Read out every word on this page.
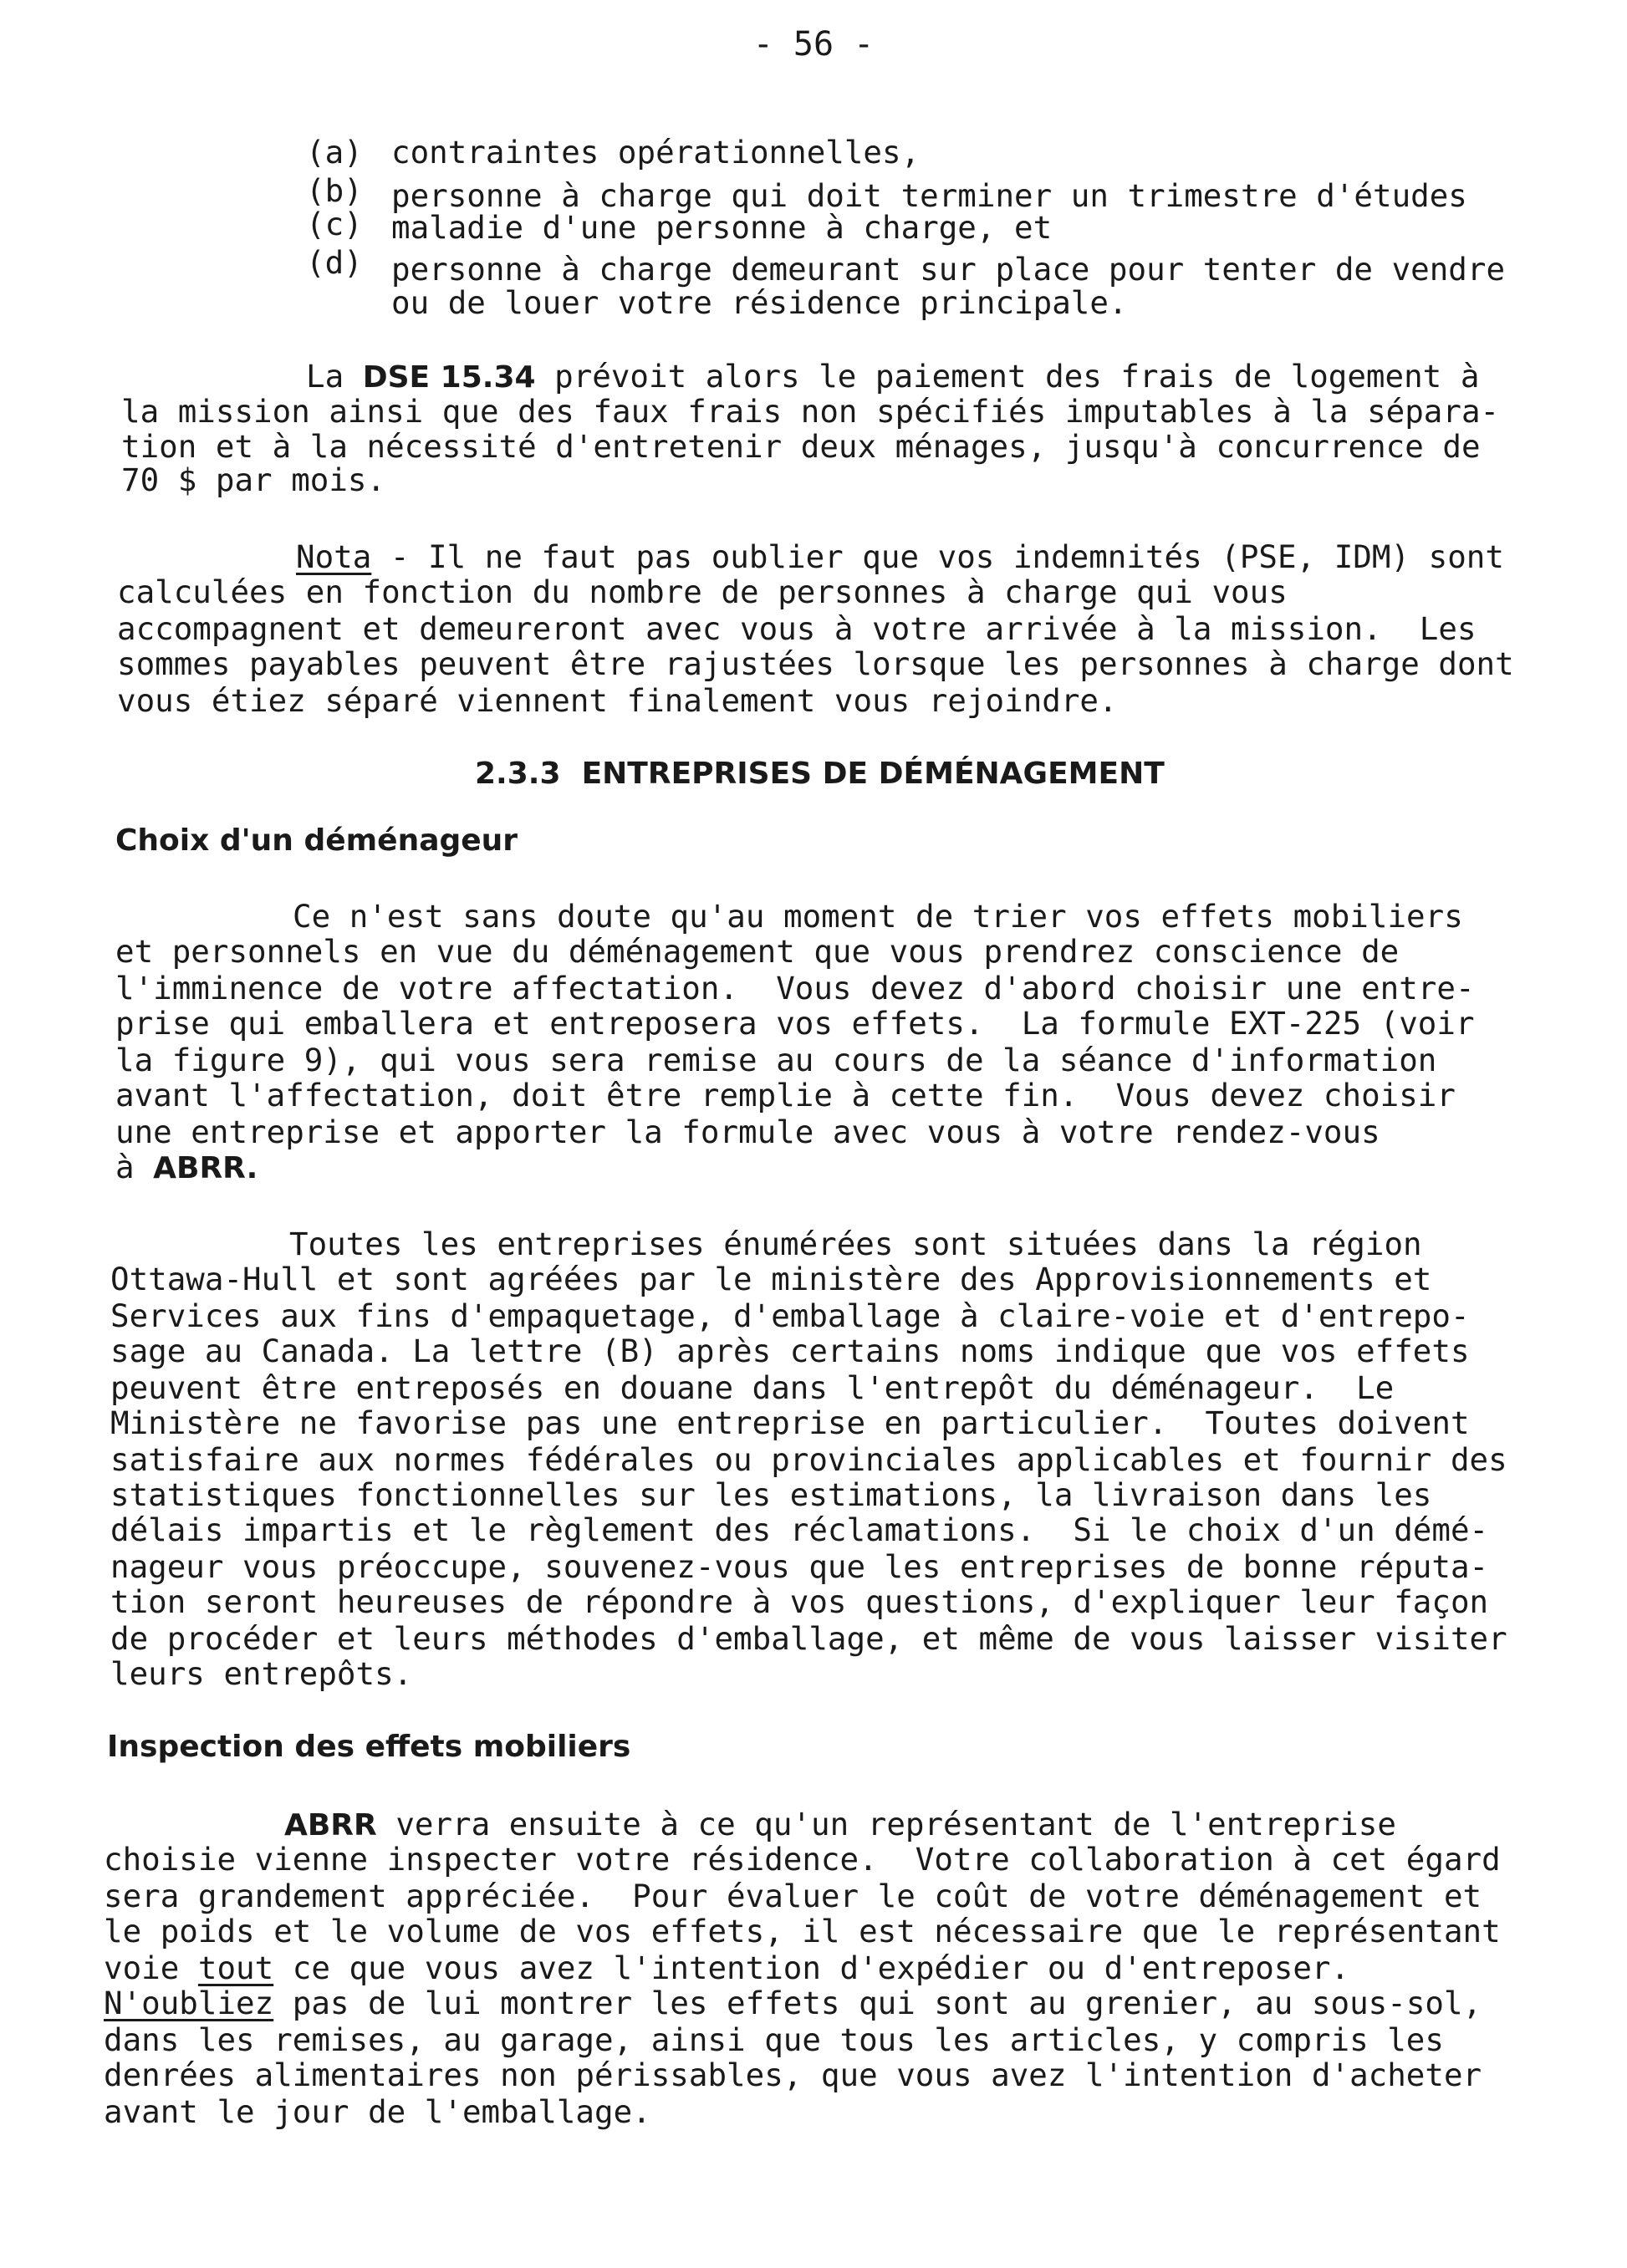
- 56 -
(a) contraintes opérationnelles,
(b) personne à charge qui doit terminer un trimestre d'études
(c) maladie d'une personne à charge, et
(d) personne à charge demeurant sur place pour tenter de vendre
ou de louer votre résidence principale.
La DSE 15.34 prévoit alors le paiement des frais de logement à
la mission ainsi que des faux frais non spécifiés imputables à la sépara-
tion et à la nécessité d'entretenir deux ménages, jusqu'à concurrence de
70 $ par mois.
Nota - Il ne faut pas oublier que vos indemnités (PSE, IDM) sont
calculées en fonction du nombre de personnes à charge qui vous
accompagnent et demeureront avec vous à votre arrivée à la mission.  Les
sommes payables peuvent être rajustées lorsque les personnes à charge dont
vous étiez séparé viennent finalement vous rejoindre.
2.3.3  ENTREPRISES DE DÉMÉNAGEMENT
Choix d'un déménageur
Ce n'est sans doute qu'au moment de trier vos effets mobiliers
et personnels en vue du déménagement que vous prendrez conscience de
l'imminence de votre affectation.  Vous devez d'abord choisir une entre-
prise qui emballera et entreposera vos effets.  La formule EXT-225 (voir
la figure 9), qui vous sera remise au cours de la séance d'information
avant l'affectation, doit être remplie à cette fin.  Vous devez choisir
une entreprise et apporter la formule avec vous à votre rendez-vous
à ABRR.
Toutes les entreprises énumérées sont situées dans la région
Ottawa-Hull et sont agréées par le ministère des Approvisionnements et
Services aux fins d'empaquetage, d'emballage à claire-voie et d'entrepo-
sage au Canada. La lettre (B) après certains noms indique que vos effets
peuvent être entreposés en douane dans l'entrepôt du déménageur.  Le
Ministère ne favorise pas une entreprise en particulier.  Toutes doivent
satisfaire aux normes fédérales ou provinciales applicables et fournir des
statistiques fonctionnelles sur les estimations, la livraison dans les
délais impartis et le règlement des réclamations.  Si le choix d'un démé-
nageur vous préoccupe, souvenez-vous que les entreprises de bonne réputa-
tion seront heureuses de répondre à vos questions, d'expliquer leur façon
de procéder et leurs méthodes d'emballage, et même de vous laisser visiter
leurs entrepôts.
Inspection des effets mobiliers
ABRR verra ensuite à ce qu'un représentant de l'entreprise
choisie vienne inspecter votre résidence.  Votre collaboration à cet égard
sera grandement appréciée.  Pour évaluer le coût de votre déménagement et
le poids et le volume de vos effets, il est nécessaire que le représentant
voie tout ce que vous avez l'intention d'expédier ou d'entreposer.
N'oubliez pas de lui montrer les effets qui sont au grenier, au sous-sol,
dans les remises, au garage, ainsi que tous les articles, y compris les
denrées alimentaires non périssables, que vous avez l'intention d'acheter
avant le jour de l'emballage.
